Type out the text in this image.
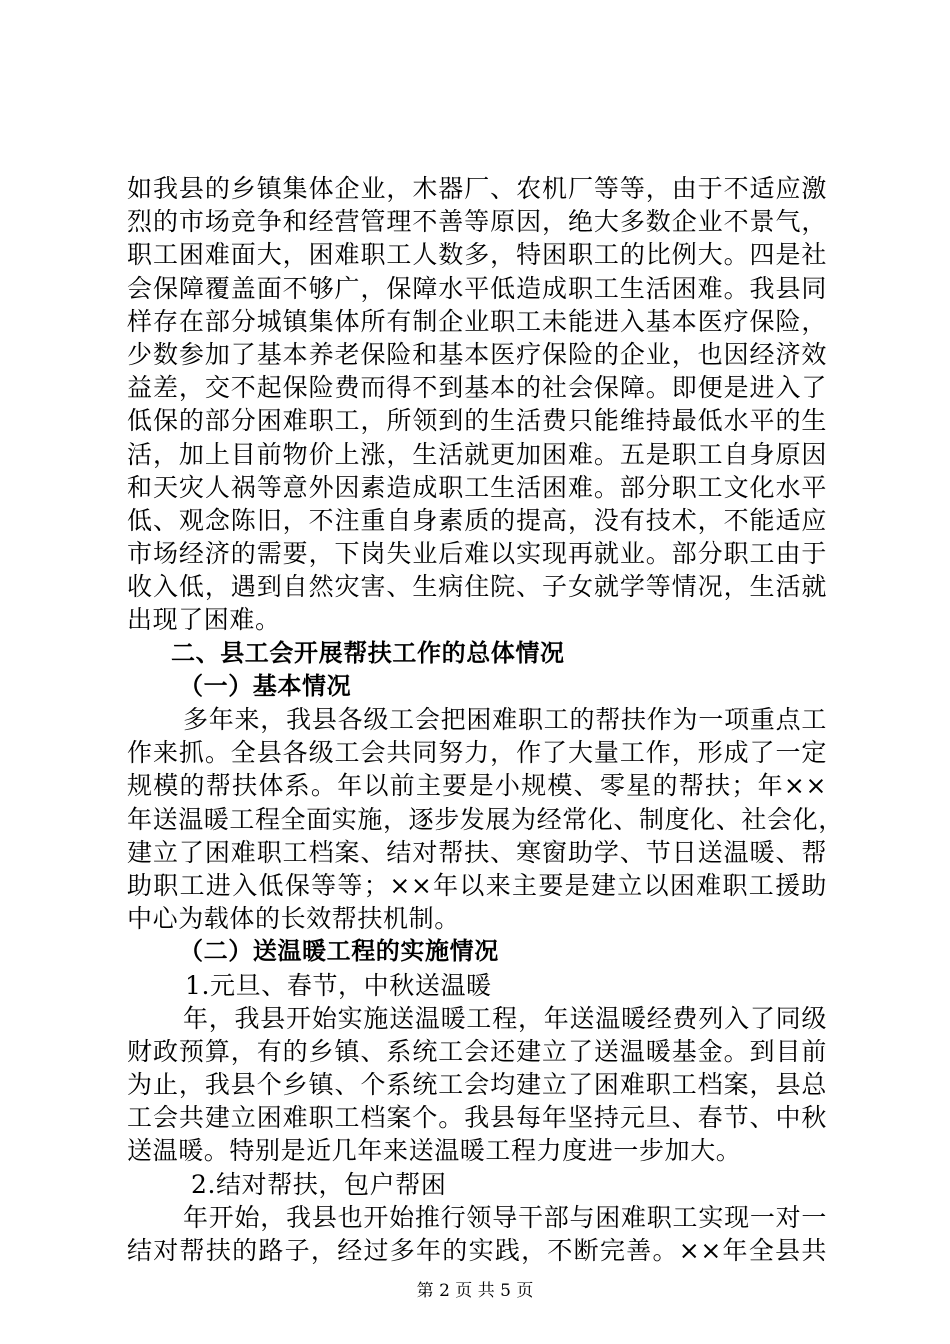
如我县的乡镇集体企业，木器厂、农机厂等等，由于不适应激
烈的市场竞争和经营管理不善等原因，绝大多数企业不景气，
职工困难面大，困难职工人数多，特困职工的比例大。四是社
会保障覆盖面不够广，保障水平低造成职工生活困难。我县同
样存在部分城镇集体所有制企业职工未能进入基本医疗保险，
少数参加了基本养老保险和基本医疗保险的企业，也因经济效
益差，交不起保险费而得不到基本的社会保障。即便是进入了
低保的部分困难职工，所领到的生活费只能维持最低水平的生
活，加上目前物价上涨，生活就更加困难。五是职工自身原因
和天灾人祸等意外因素造成职工生活困难。部分职工文化水平
低、观念陈旧，不注重自身素质的提高，没有技术，不能适应
市场经济的需要，下岗失业后难以实现再就业。部分职工由于
收入低，遇到自然灾害、生病住院、子女就学等情况，生活就
出现了困难。
二、县工会开展帮扶工作的总体情况
（一）基本情况
多年来，我县各级工会把困难职工的帮扶作为一项重点工
作来抓。全县各级工会共同努力，作了大量工作，形成了一定
规模的帮扶体系。年以前主要是小规模、零星的帮扶；年××
年送温暖工程全面实施，逐步发展为经常化、制度化、社会化，
建立了困难职工档案、结对帮扶、寒窗助学、节日送温暖、帮
助职工进入低保等等；××年以来主要是建立以困难职工援助
中心为载体的长效帮扶机制。
（二）送温暖工程的实施情况
1.元旦、春节，中秋送温暖
年，我县开始实施送温暖工程，年送温暖经费列入了同级
财政预算，有的乡镇、系统工会还建立了送温暖基金。到目前
为止，我县个乡镇、个系统工会均建立了困难职工档案，县总
工会共建立困难职工档案个。我县每年坚持元旦、春节、中秋
送温暖。特别是近几年来送温暖工程力度进一步加大。
2.结对帮扶，包户帮困
年开始，我县也开始推行领导干部与困难职工实现一对一
结对帮扶的路子，经过多年的实践，不断完善。××年全县共
第 2 页 共 5 页
